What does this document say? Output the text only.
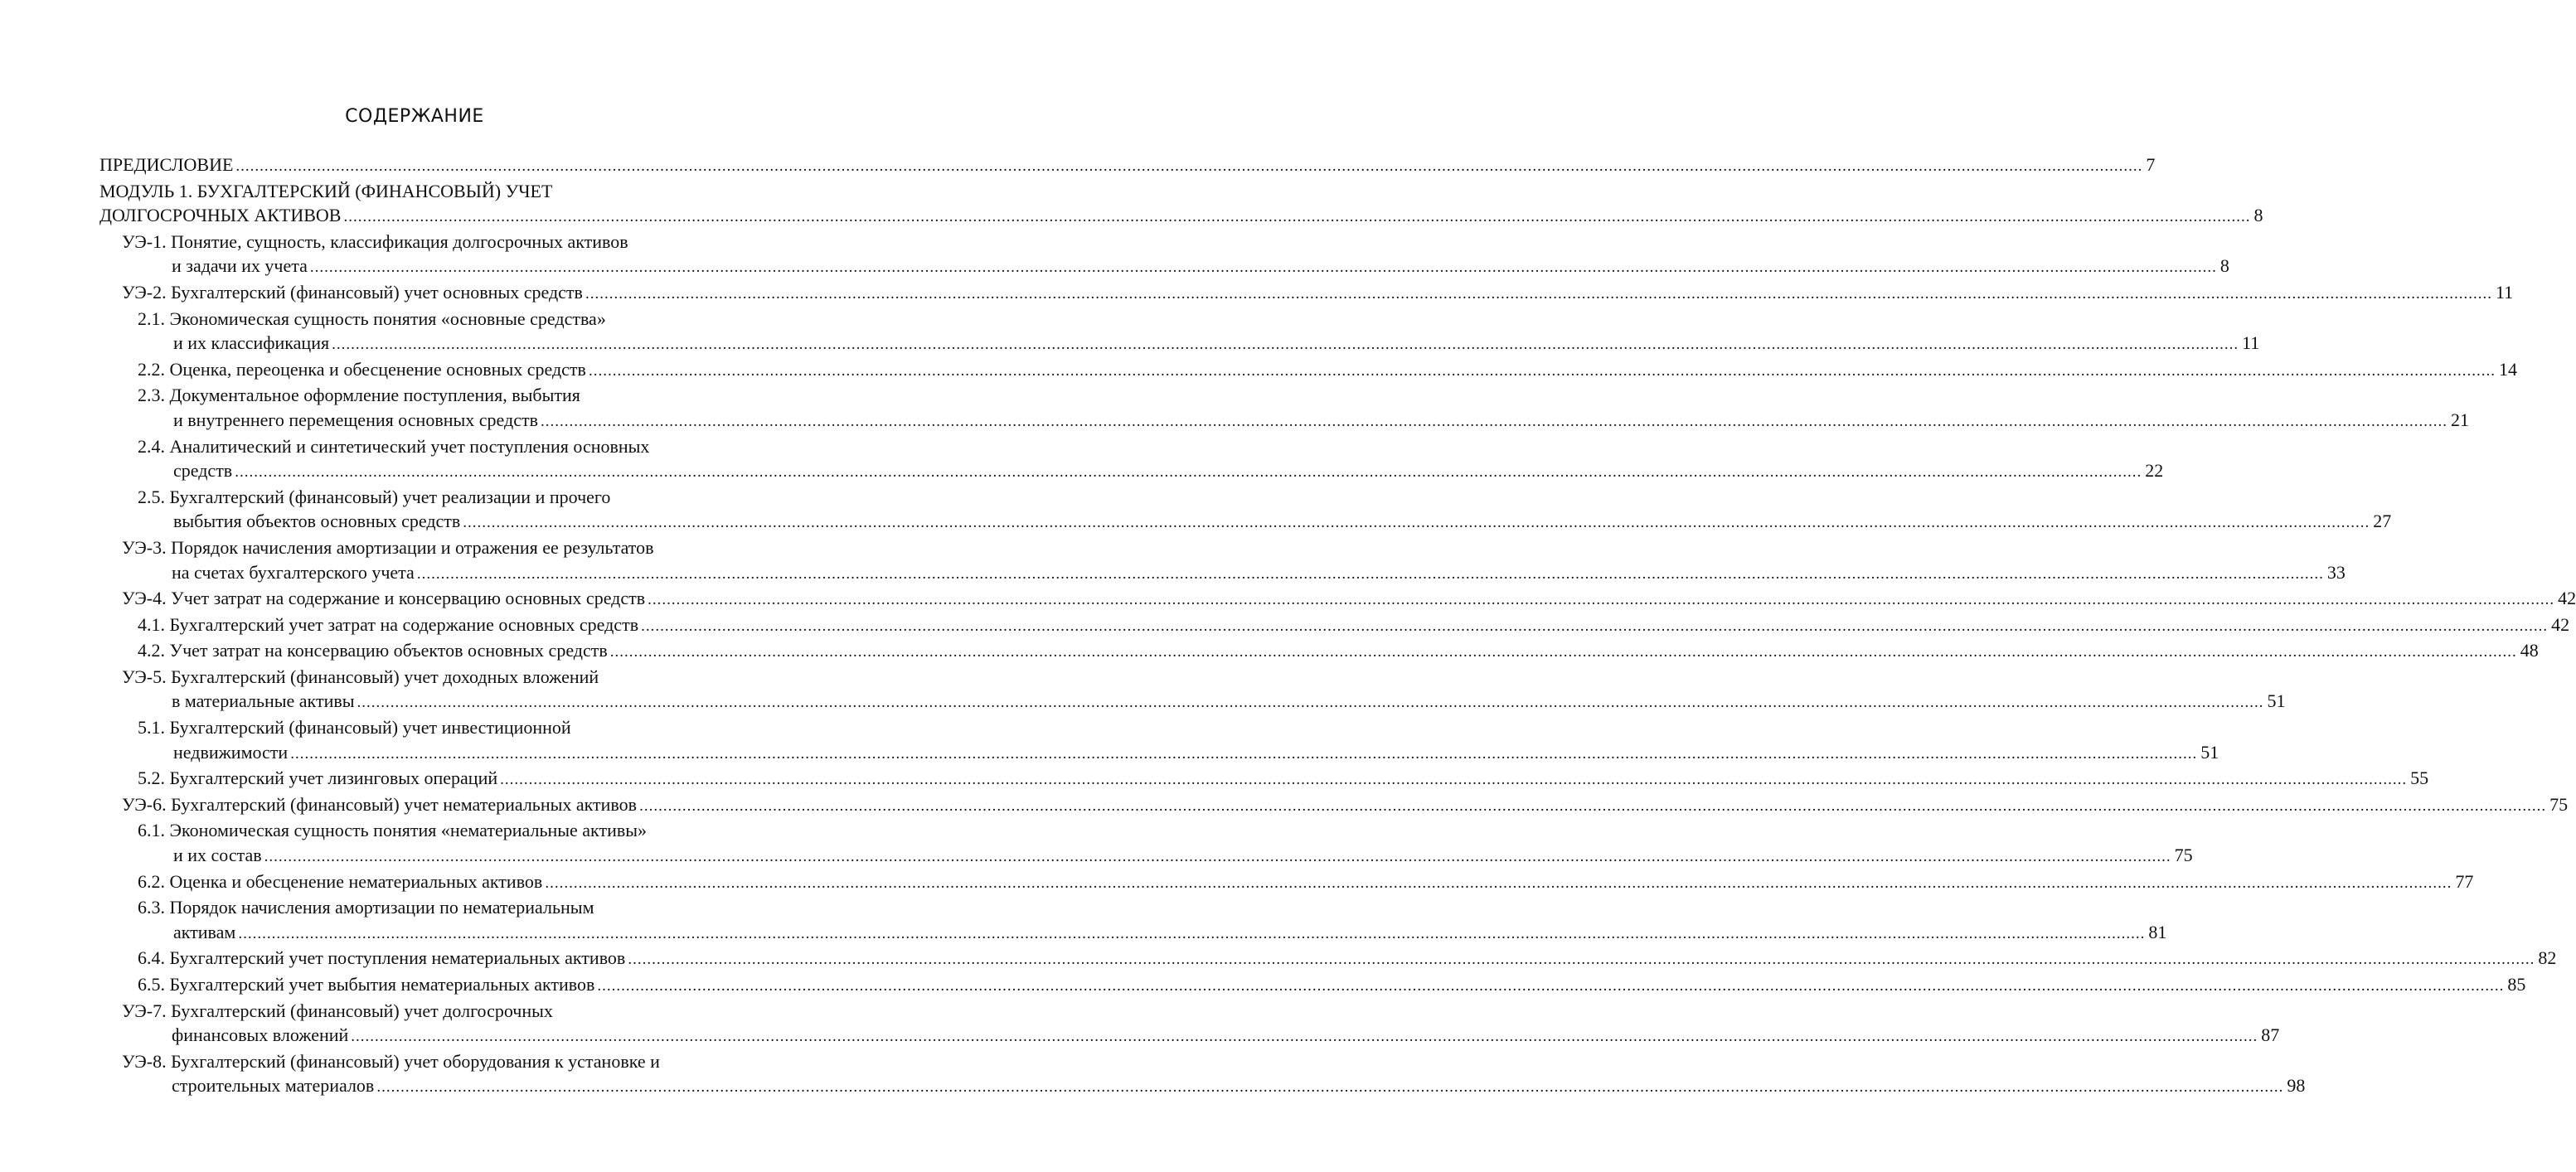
СОДЕРЖАНИЕ
ПРЕДИСЛОВИЕ ................................................................................................................................................................................................................................................................................................................................................................................................................ 7
МОДУЛЬ 1. БУХГАЛТЕРСКИЙ (ФИНАНСОВЫЙ) УЧЕТ
ДОЛГОСРОЧНЫХ АКТИВОВ ................................................................................................................................................................................................................................................................................................................................................................................................................ 8
УЭ-1. Понятие, сущность, классификация долгосрочных активов
и задачи их учета ................................................................................................................................................................................................................................................................................................................................................................................................................ 8
УЭ-2. Бухгалтерский (финансовый) учет основных средств ................................................................................................................................................................................................................................................................................................................................................................................................................ 11
2.1. Экономическая сущность понятия «основные средства»
и их классификация ................................................................................................................................................................................................................................................................................................................................................................................................................ 11
2.2. Оценка, переоценка и обесценение основных средств ................................................................................................................................................................................................................................................................................................................................................................................................................ 14
2.3. Документальное оформление поступления, выбытия
и внутреннего перемещения основных средств ................................................................................................................................................................................................................................................................................................................................................................................................................ 21
2.4. Аналитический и синтетический учет поступления основных
средств ................................................................................................................................................................................................................................................................................................................................................................................................................ 22
2.5. Бухгалтерский (финансовый) учет реализации и прочего
выбытия объектов основных средств ................................................................................................................................................................................................................................................................................................................................................................................................................ 27
УЭ-3. Порядок начисления амортизации и отражения ее результатов
на счетах бухгалтерского учета ................................................................................................................................................................................................................................................................................................................................................................................................................ 33
УЭ-4. Учет затрат на содержание и консервацию основных средств ................................................................................................................................................................................................................................................................................................................................................................................................................ 42
4.1. Бухгалтерский учет затрат на содержание основных средств ................................................................................................................................................................................................................................................................................................................................................................................................................ 42
4.2. Учет затрат на консервацию объектов основных средств ................................................................................................................................................................................................................................................................................................................................................................................................................ 48
УЭ-5. Бухгалтерский (финансовый) учет доходных вложений
в материальные активы ................................................................................................................................................................................................................................................................................................................................................................................................................ 51
5.1. Бухгалтерский (финансовый) учет инвестиционной
недвижимости ................................................................................................................................................................................................................................................................................................................................................................................................................ 51
5.2. Бухгалтерский учет лизинговых операций ................................................................................................................................................................................................................................................................................................................................................................................................................ 55
УЭ-6. Бухгалтерский (финансовый) учет нематериальных активов ................................................................................................................................................................................................................................................................................................................................................................................................................ 75
6.1. Экономическая сущность понятия «нематериальные активы»
и их состав ................................................................................................................................................................................................................................................................................................................................................................................................................ 75
6.2. Оценка и обесценение нематериальных активов ................................................................................................................................................................................................................................................................................................................................................................................................................ 77
6.3. Порядок начисления амортизации по нематериальным
активам ................................................................................................................................................................................................................................................................................................................................................................................................................ 81
6.4. Бухгалтерский учет поступления нематериальных активов ................................................................................................................................................................................................................................................................................................................................................................................................................ 82
6.5. Бухгалтерский учет выбытия нематериальных активов ................................................................................................................................................................................................................................................................................................................................................................................................................ 85
УЭ-7. Бухгалтерский (финансовый) учет долгосрочных
финансовых вложений ................................................................................................................................................................................................................................................................................................................................................................................................................ 87
УЭ-8. Бухгалтерский (финансовый) учет оборудования к установке и
строительных материалов ................................................................................................................................................................................................................................................................................................................................................................................................................ 98
